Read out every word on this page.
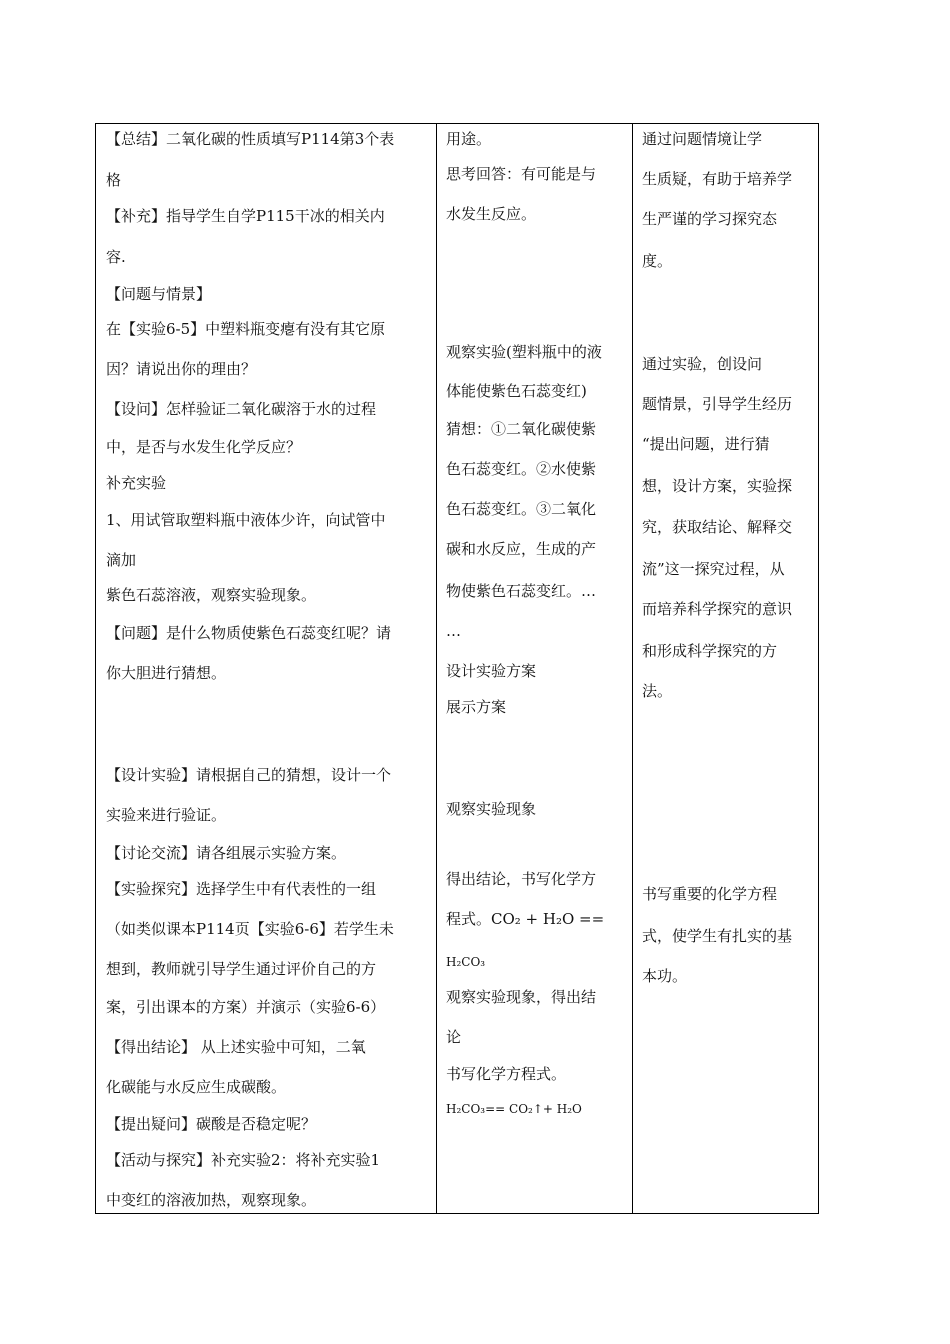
【总结】二氧化碳的性质填写P114第3个表
格
【补充】指导学生自学P115干冰的相关内
容.
【问题与情景】
在【实验6-5】中塑料瓶变瘪有没有其它原
因？请说出你的理由？
【设问】怎样验证二氧化碳溶于水的过程
中，是否与水发生化学反应？
补充实验
1、用试管取塑料瓶中液体少许，向试管中
滴加
紫色石蕊溶液，观察实验现象。
【问题】是什么物质使紫色石蕊变红呢？请
你大胆进行猜想。
【设计实验】请根据自己的猜想，设计一个
实验来进行验证。
【讨论交流】请各组展示实验方案。
【实验探究】选择学生中有代表性的一组
（如类似课本P114页【实验6-6】若学生未
想到，教师就引导学生通过评价自己的方
案，引出课本的方案）并演示（实验6-6）
【得出结论】 从上述实验中可知，二氧
化碳能与水反应生成碳酸。
【提出疑问】碳酸是否稳定呢？
【活动与探究】补充实验2：将补充实验1
中变红的溶液加热，观察现象。
用途。
思考回答：有可能是与
水发生反应。
观察实验(塑料瓶中的液
体能使紫色石蕊变红)
猜想：①二氧化碳使紫
色石蕊变红。②水使紫
色石蕊变红。③二氧化
碳和水反应，生成的产
物使紫色石蕊变红。…
…
设计实验方案
展示方案
观察实验现象
得出结论，书写化学方
程式。CO₂ + H₂O ==
H₂CO₃
观察实验现象，得出结
论
书写化学方程式。
H₂CO₃== CO₂↑+ H₂O
通过问题情境让学
生质疑，有助于培养学
生严谨的学习探究态
度。
通过实验，创设问
题情景，引导学生经历
“提出问题，进行猜
想，设计方案，实验探
究，获取结论、解释交
流”这一探究过程，从
而培养科学探究的意识
和形成科学探究的方
法。
书写重要的化学方程
式，使学生有扎实的基
本功。
